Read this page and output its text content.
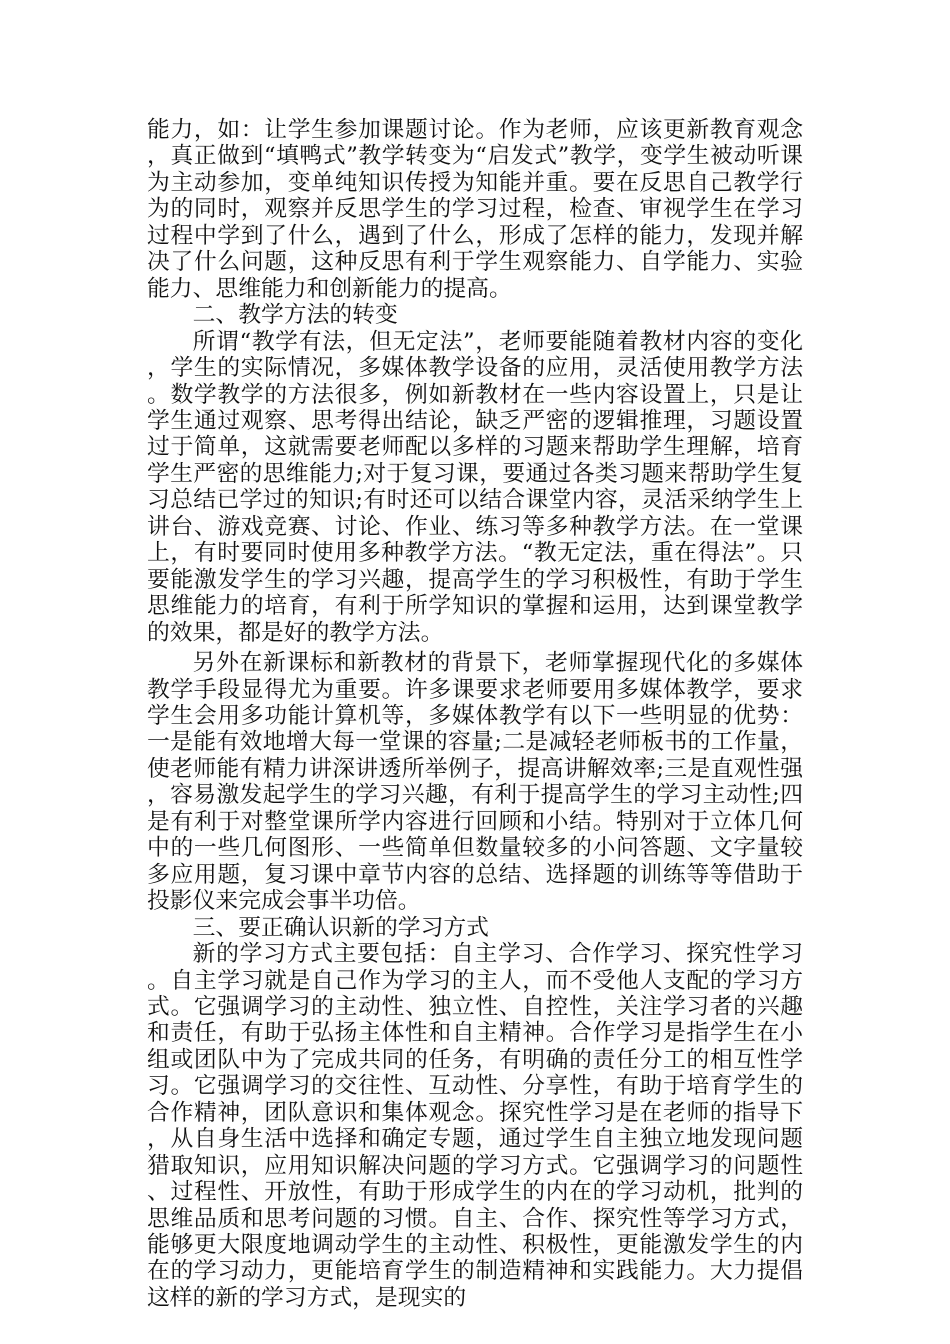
能力，如：让学生参加课题讨论。作为老师，应该更新教育观念，真正做到“填鸭式”教学转变为“启发式”教学，变学生被动听课为主动参加，变单纯知识传授为知能并重。要在反思自己教学行为的同时，观察并反思学生的学习过程，检查、审视学生在学习过程中学到了什么，遇到了什么，形成了怎样的能力，发现并解决了什么问题，这种反思有利于学生观察能力、自学能力、实验能力、思维能力和创新能力的提高。

二、教学方法的转变

所谓“教学有法，但无定法”，老师要能随着教材内容的变化，学生的实际情况，多媒体教学设备的应用，灵活使用教学方法。数学教学的方法很多，例如新教材在一些内容设置上，只是让学生通过观察、思考得出结论，缺乏严密的逻辑推理，习题设置过于简单，这就需要老师配以多样的习题来帮助学生理解，培育学生严密的思维能力;对于复习课，要通过各类习题来帮助学生复习总结已学过的知识;有时还可以结合课堂内容，灵活采纳学生上讲台、游戏竞赛、讨论、作业、练习等多种教学方法。在一堂课上，有时要同时使用多种教学方法。“教无定法，重在得法”。只要能激发学生的学习兴趣，提高学生的学习积极性，有助于学生思维能力的培育，有利于所学知识的掌握和运用，达到课堂教学的效果，都是好的教学方法。

另外在新课标和新教材的背景下，老师掌握现代化的多媒体教学手段显得尤为重要。许多课要求老师要用多媒体教学，要求学生会用多功能计算机等，多媒体教学有以下一些明显的优势：一是能有效地增大每一堂课的容量;二是减轻老师板书的工作量，使老师能有精力讲深讲透所举例子，提高讲解效率;三是直观性强，容易激发起学生的学习兴趣，有利于提高学生的学习主动性;四是有利于对整堂课所学内容进行回顾和小结。特别对于立体几何中的一些几何图形、一些简单但数量较多的小问答题、文字量较多应用题，复习课中章节内容的总结、选择题的训练等等借助于投影仪来完成会事半功倍。

三、要正确认识新的学习方式

新的学习方式主要包括：自主学习、合作学习、探究性学习。自主学习就是自己作为学习的主人，而不受他人支配的学习方式。它强调学习的主动性、独立性、自控性，关注学习者的兴趣和责任，有助于弘扬主体性和自主精神。合作学习是指学生在小组或团队中为了完成共同的任务，有明确的责任分工的相互性学习。它强调学习的交往性、互动性、分享性，有助于培育学生的合作精神，团队意识和集体观念。探究性学习是在老师的指导下，从自身生活中选择和确定专题，通过学生自主独立地发现问题猎取知识，应用知识解决问题的学习方式。它强调学习的问题性、过程性、开放性，有助于形成学生的内在的学习动机，批判的思维品质和思考问题的习惯。自主、合作、探究性等学习方式，能够更大限度地调动学生的主动性、积极性，更能激发学生的内在的学习动力，更能培育学生的制造精神和实践能力。大力提倡这样的新的学习方式，是现实的
